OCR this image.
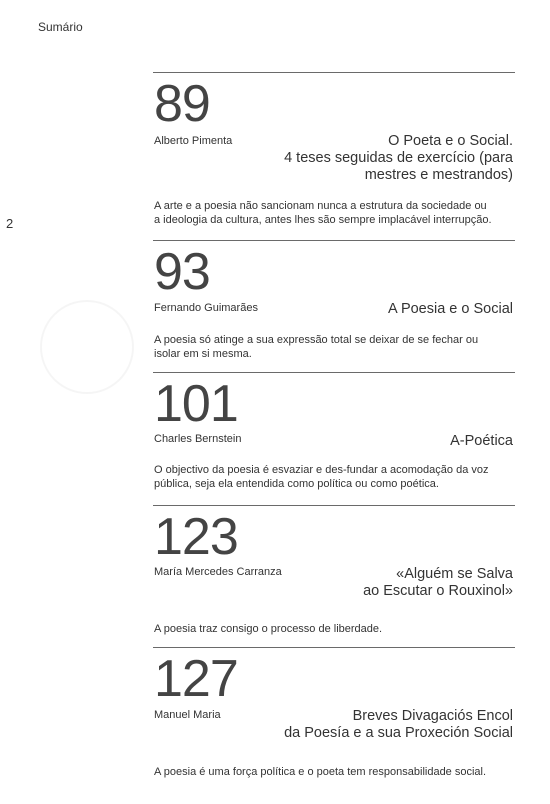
Sumário
2
89
Alberto Pimenta	O Poeta e o Social.
4 teses seguidas de exercício (para
mestres e mestrandos)
A arte e a poesia não sancionam nunca a estrutura da sociedade ou
a ideologia da cultura, antes lhes são sempre implacável interrupção.
93
Fernando Guimarães	A Poesia e o Social
A poesia só atinge a sua expressão total se deixar de se fechar ou
isolar em si mesma.
101
Charles Bernstein	A-Poética
O objectivo da poesia é esvaziar e des-fundar a acomodação da voz
pública, seja ela entendida como política ou como poética.
123
María Mercedes Carranza	«Alguém se Salva
ao Escutar o Rouxinol»
A poesia traz consigo o processo de liberdade.
127
Manuel Maria	Breves Divagaciós Encol
da Poesía e a sua Proxeción Social
A poesia é uma força política e o poeta tem responsabilidade social.
